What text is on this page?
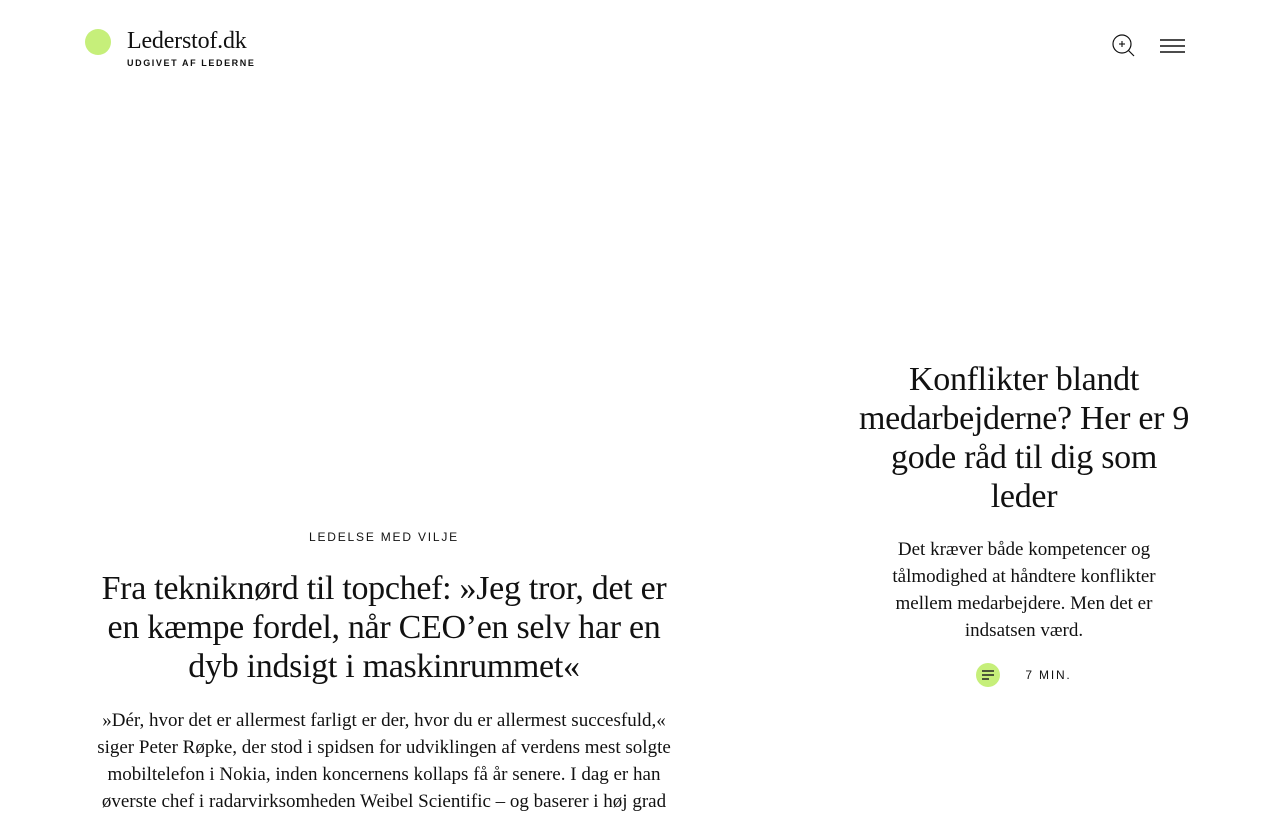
Lederstof.dk
UDGIVET AF LEDERNE
LEDELSE MED VILJE
Fra tekniknørd til topchef: »Jeg tror, det er en kæmpe fordel, når CEO’en selv har en dyb indsigt i maskinrummet«

»Dér, hvor det er allermest farligt er der, hvor du er allermest succesfuld,« siger Peter Røpke, der stod i spidsen for udviklingen af verdens mest solgte mobiltelefon i Nokia, inden koncernens kollaps få år senere. I dag er han øverste chef i radarvirksomheden Weibel Scientific – og baserer i høj grad

Konflikter blandt medarbejderne? Her er 9 gode råd til dig som leder

Det kræver både kompetencer og tålmodighed at håndtere konflikter mellem medarbejdere. Men det er indsatsen værd.

7 MIN.
